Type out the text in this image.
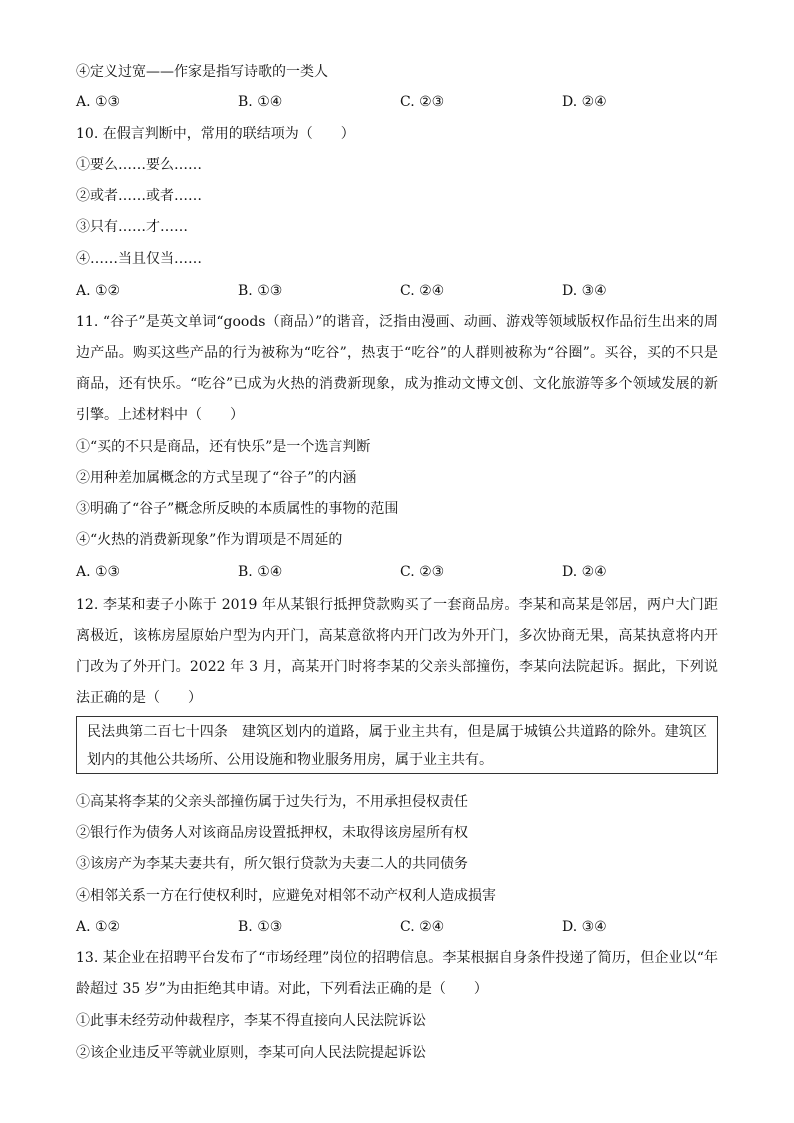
④定义过宽——作家是指写诗歌的一类人
A. ①③	B. ①④	C. ②③	D. ②④
10. 在假言判断中，常用的联结项为（　　）
①要么……要么……
②或者……或者……
③只有……才……
④……当且仅当……
A. ①②	B. ①③	C. ②④	D. ③④
11. “谷子”是英文单词“goods（商品）”的谐音，泛指由漫画、动画、游戏等领域版权作品衍生出来的周边产品。购买这些产品的行为被称为“吃谷”，热衷于“吃谷”的人群则被称为“谷圈”。买谷，买的不只是商品，还有快乐。“吃谷”已成为火热的消费新现象，成为推动文博文创、文化旅游等多个领域发展的新引擎。上述材料中（　　）
①“买的不只是商品，还有快乐”是一个选言判断
②用种差加属概念的方式呈现了“谷子”的内涵
③明确了“谷子”概念所反映的本质属性的事物的范围
④“火热的消费新现象”作为谓项是不周延的
A. ①③	B. ①④	C. ②③	D. ②④
12. 李某和妻子小陈于 2019 年从某银行抵押贷款购买了一套商品房。李某和高某是邻居，两户大门距离极近，该栋房屋原始户型为内开门，高某意欲将内开门改为外开门，多次协商无果，高某执意将内开门改为了外开门。2022 年 3 月，高某开门时将李某的父亲头部撞伤，李某向法院起诉。据此，下列说法正确的是（　　）

民法典第二百七十四条　建筑区划内的道路，属于业主共有，但是属于城镇公共道路的除外。建筑区划内的其他公共场所、公用设施和物业服务用房，属于业主共有。

①高某将李某的父亲头部撞伤属于过失行为，不用承担侵权责任
②银行作为债务人对该商品房设置抵押权，未取得该房屋所有权
③该房产为李某夫妻共有，所欠银行贷款为夫妻二人的共同债务
④相邻关系一方在行使权利时，应避免对相邻不动产权利人造成损害
A. ①②	B. ①③	C. ②④	D. ③④
13. 某企业在招聘平台发布了“市场经理”岗位的招聘信息。李某根据自身条件投递了简历，但企业以“年龄超过 35 岁”为由拒绝其申请。对此，下列看法正确的是（　　）
①此事未经劳动仲裁程序，李某不得直接向人民法院诉讼
②该企业违反平等就业原则，李某可向人民法院提起诉讼
